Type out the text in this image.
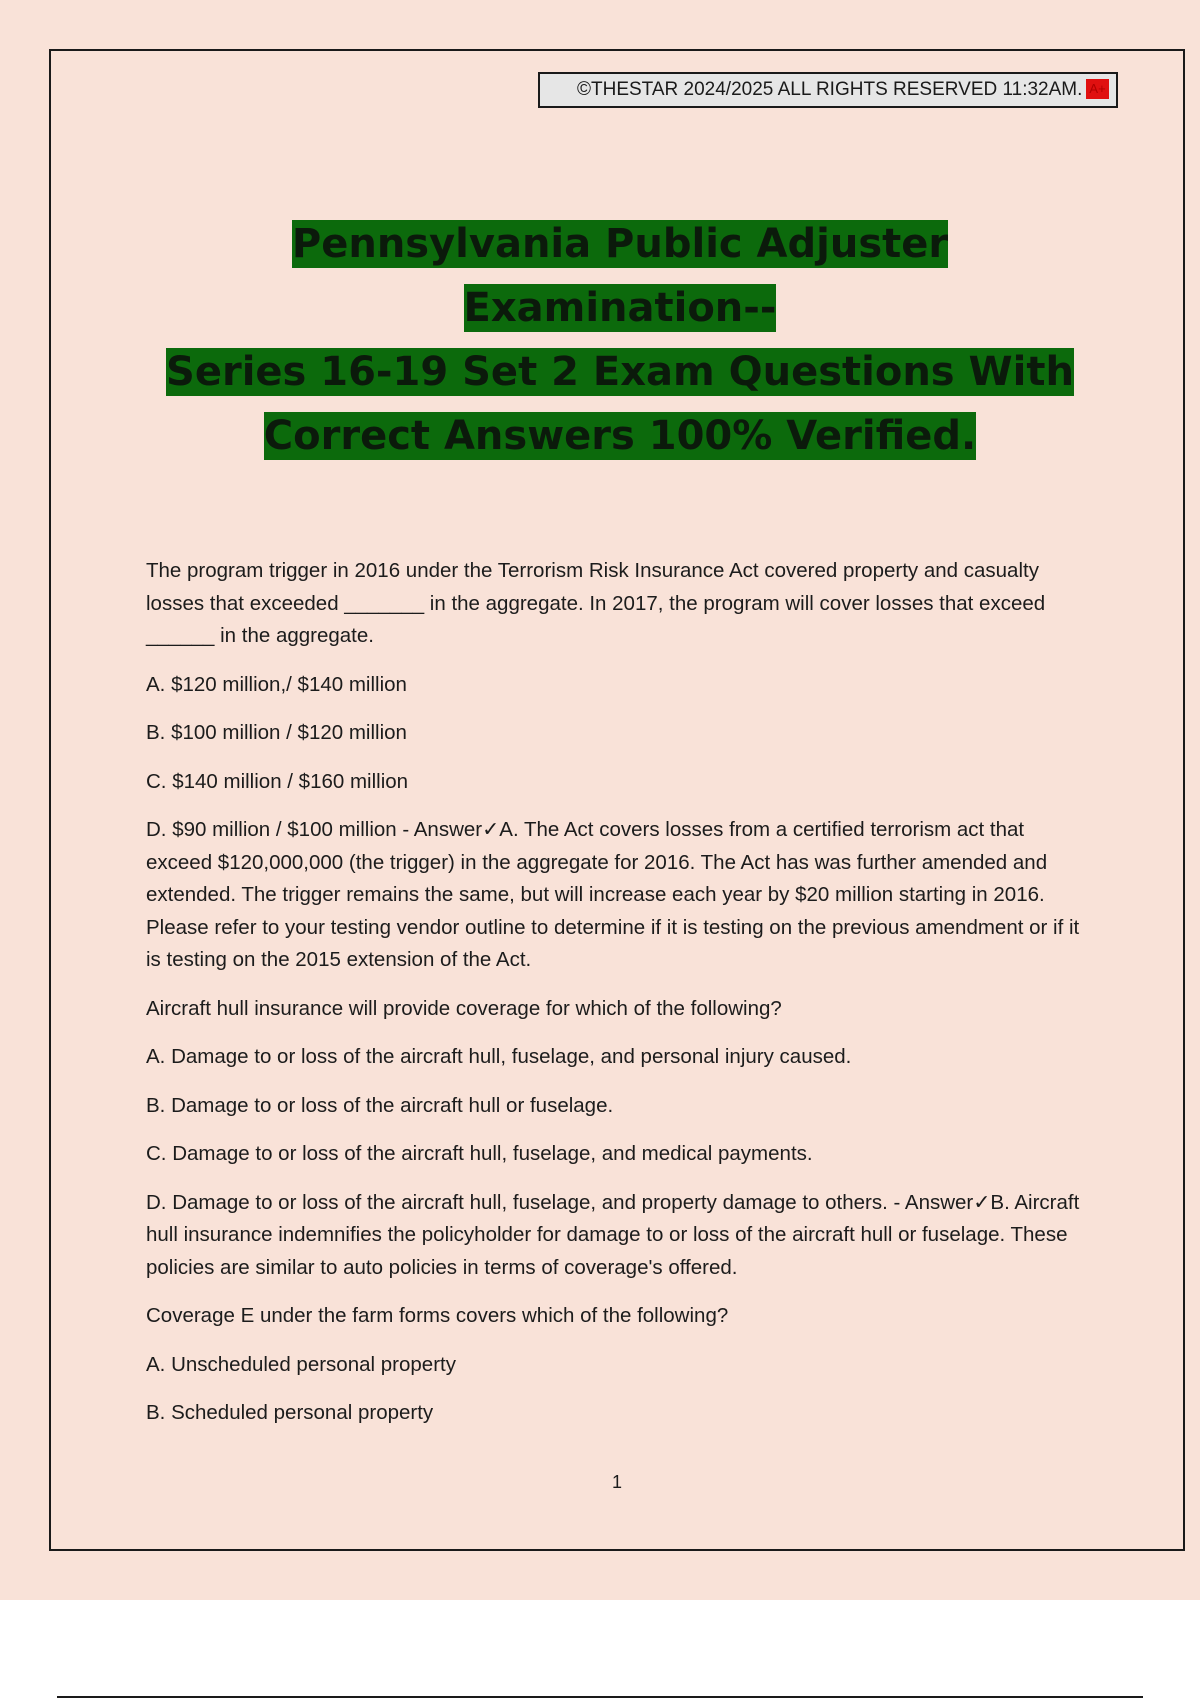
©THESTAR 2024/2025 ALL RIGHTS RESERVED 11:32AM. A+
Pennsylvania Public Adjuster Examination--
Series 16-19 Set 2 Exam Questions With
Correct Answers 100% Verified.

The program trigger in 2016 under the Terrorism Risk Insurance Act covered property and casualty losses that exceeded _______ in the aggregate. In 2017, the program will cover losses that exceed ______ in the aggregate.

A. $120 million,/ $140 million

B. $100 million / $120 million

C. $140 million / $160 million

D. $90 million / $100 million - Answer✓A. The Act covers losses from a certified terrorism act that exceed $120,000,000 (the trigger) in the aggregate for 2016. The Act has was further amended and extended. The trigger remains the same, but will increase each year by $20 million starting in 2016. Please refer to your testing vendor outline to determine if it is testing on the previous amendment or if it is testing on the 2015 extension of the Act.

Aircraft hull insurance will provide coverage for which of the following?

A. Damage to or loss of the aircraft hull, fuselage, and personal injury caused.

B. Damage to or loss of the aircraft hull or fuselage.

C. Damage to or loss of the aircraft hull, fuselage, and medical payments.

D. Damage to or loss of the aircraft hull, fuselage, and property damage to others. - Answer✓B. Aircraft hull insurance indemnifies the policyholder for damage to or loss of the aircraft hull or fuselage. These policies are similar to auto policies in terms of coverage's offered.

Coverage E under the farm forms covers which of the following?

A. Unscheduled personal property

B. Scheduled personal property

1
